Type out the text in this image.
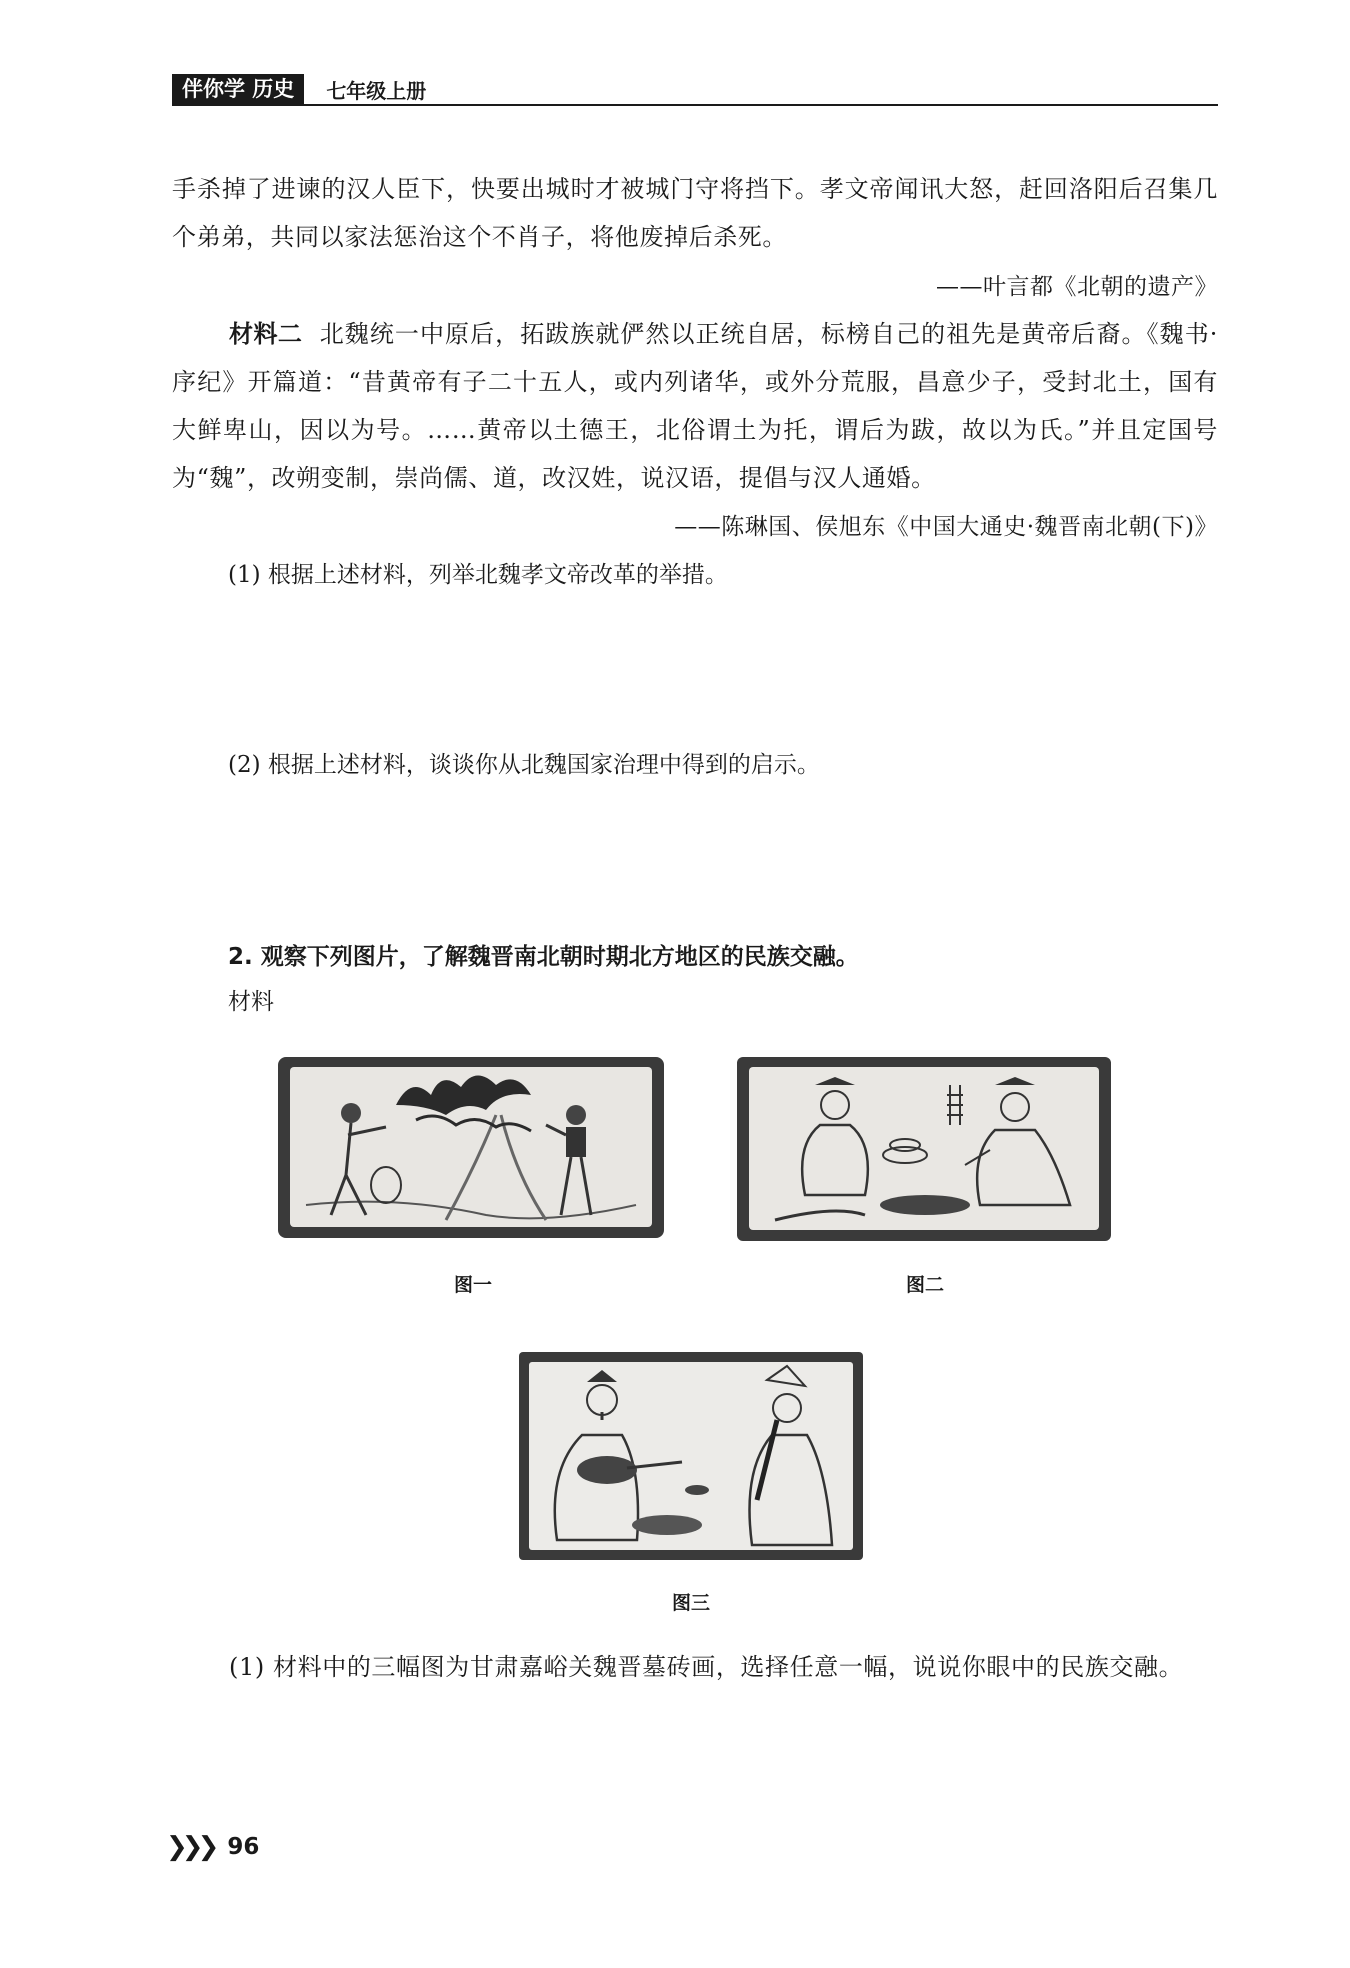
伴你学 历史	七年级上册

手杀掉了进谏的汉人臣下，快要出城时才被城门守将挡下。孝文帝闻讯大怒，赶回洛阳后召集几个弟弟，共同以家法惩治这个不肖子，将他废掉后杀死。

——叶言都《北朝的遗产》

材料二 北魏统一中原后，拓跋族就俨然以正统自居，标榜自己的祖先是黄帝后裔。《魏书·序纪》开篇道：“昔黄帝有子二十五人，或内列诸华，或外分荒服，昌意少子，受封北土，国有大鲜卑山，因以为号。……黄帝以土德王，北俗谓土为托，谓后为跋，故以为氏。”并且定国号为“魏”，改朔变制，崇尚儒、道，改汉姓，说汉语，提倡与汉人通婚。

——陈琳国、侯旭东《中国大通史·魏晋南北朝(下)》
(1) 根据上述材料，列举北魏孝文帝改革的举措。
(2) 根据上述材料，谈谈你从北魏国家治理中得到的启示。
2. 观察下列图片，了解魏晋南北朝时期北方地区的民族交融。
材料
图一	图二
图三

(1) 材料中的三幅图为甘肃嘉峪关魏晋墓砖画，选择任意一幅，说说你眼中的民族交融。

❯❯❯ 96
